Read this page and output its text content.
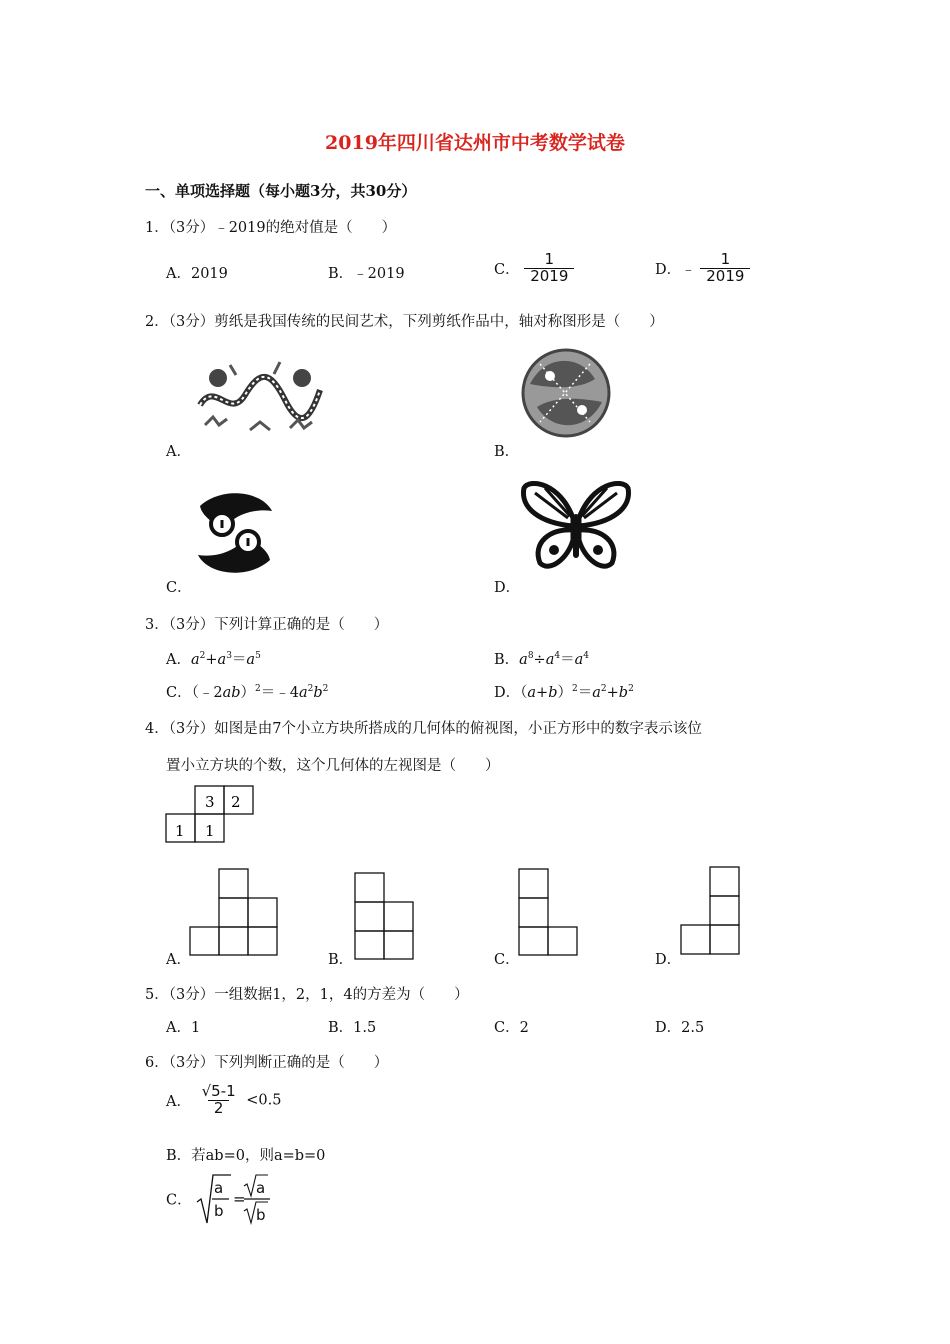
2019年四川省达州市中考数学试卷
一、单项选择题（每小题3分，共30分）
1．（3分）﹣2019的绝对值是（　　）
A．2019	B．﹣2019	C． $\frac{1}{2019}$	D．﹣ $\frac{1}{2019}$
2．（3分）剪纸是我国传统的民间艺术，下列剪纸作品中，轴对称图形是（　　）
A．	B．
C．	D．
3．（3分）下列计算正确的是（　　）
A．$a^2+a^3=a^5$	B．$a^8\div a^4=a^4$
C．$(﹣2ab)^2=﹣4a^2b^2$	D．$(a+b)^2=a^2+b^2$
4．（3分）如图是由7个小立方块所搭成的几何体的俯视图，小正方形中的数字表示该位
置小立方块的个数，这个几何体的左视图是（　　）
3 2
1 1
A．	B．	C．	D．
5．（3分）一组数据1，2，1，4的方差为（　　）
A．1	B．1.5	C．2	D．2.5
6．（3分）下列判断正确的是（　　）
A． $\frac{√5-1}{2} <0.5$
B．若ab=0，则a=b=0
C．
a
b
=
a
b
